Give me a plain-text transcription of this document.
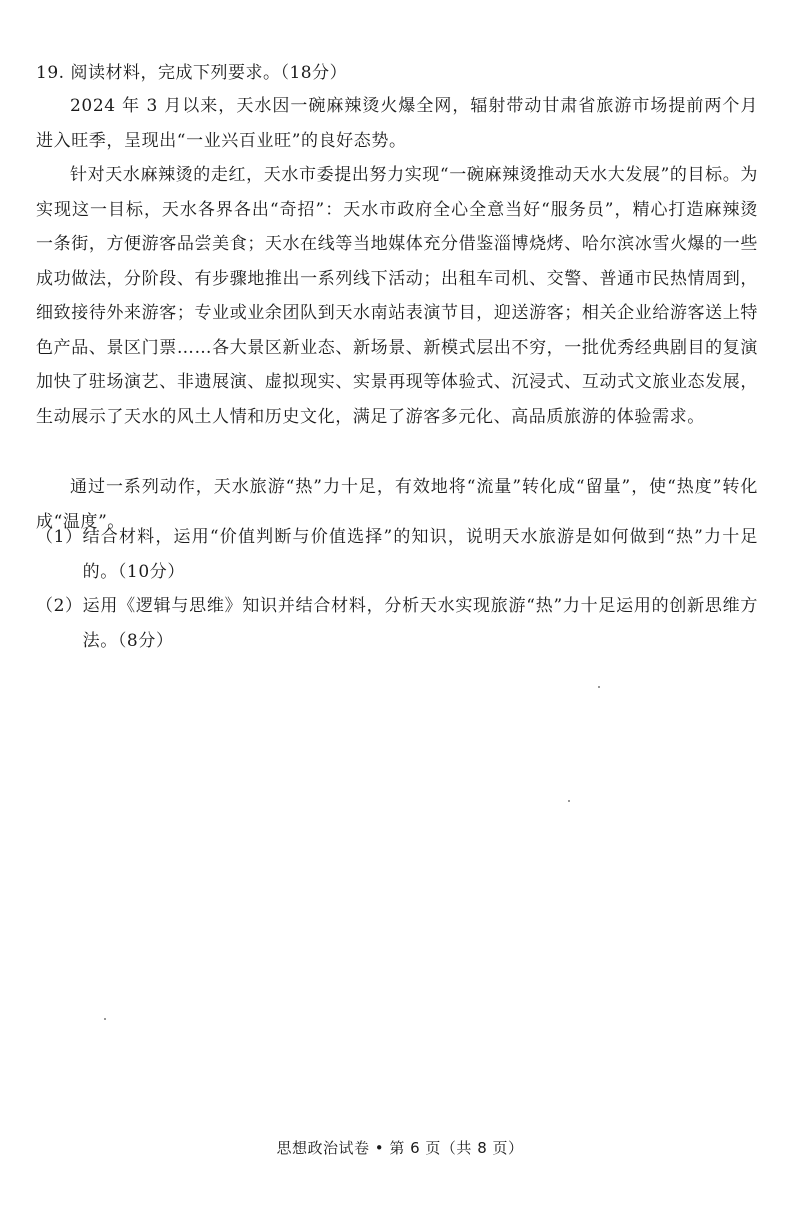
19. 阅读材料，完成下列要求。（18分）
2024 年 3 月以来，天水因一碗麻辣烫火爆全网，辐射带动甘肃省旅游市场提前两个月进入旺季，呈现出“一业兴百业旺”的良好态势。
针对天水麻辣烫的走红，天水市委提出努力实现“一碗麻辣烫推动天水大发展”的目标。为实现这一目标，天水各界各出“奇招”：天水市政府全心全意当好“服务员”，精心打造麻辣烫一条街，方便游客品尝美食；天水在线等当地媒体充分借鉴淄博烧烤、哈尔滨冰雪火爆的一些成功做法，分阶段、有步骤地推出一系列线下活动；出租车司机、交警、普通市民热情周到，细致接待外来游客；专业或业余团队到天水南站表演节目，迎送游客；相关企业给游客送上特色产品、景区门票……各大景区新业态、新场景、新模式层出不穷，一批优秀经典剧目的复演加快了驻场演艺、非遗展演、虚拟现实、实景再现等体验式、沉浸式、互动式文旅业态发展，生动展示了天水的风土人情和历史文化，满足了游客多元化、高品质旅游的体验需求。
通过一系列动作，天水旅游“热”力十足，有效地将“流量”转化成“留量”，使“热度”转化成“温度”。
（1） 结合材料，运用“价值判断与价值选择”的知识，说明天水旅游是如何做到“热”力十足的。（10分）
（2） 运用《逻辑与思维》知识并结合材料，分析天水实现旅游“热”力十足运用的创新思维方法。（8分）
思想政治试卷 • 第 6 页（共 8 页）
